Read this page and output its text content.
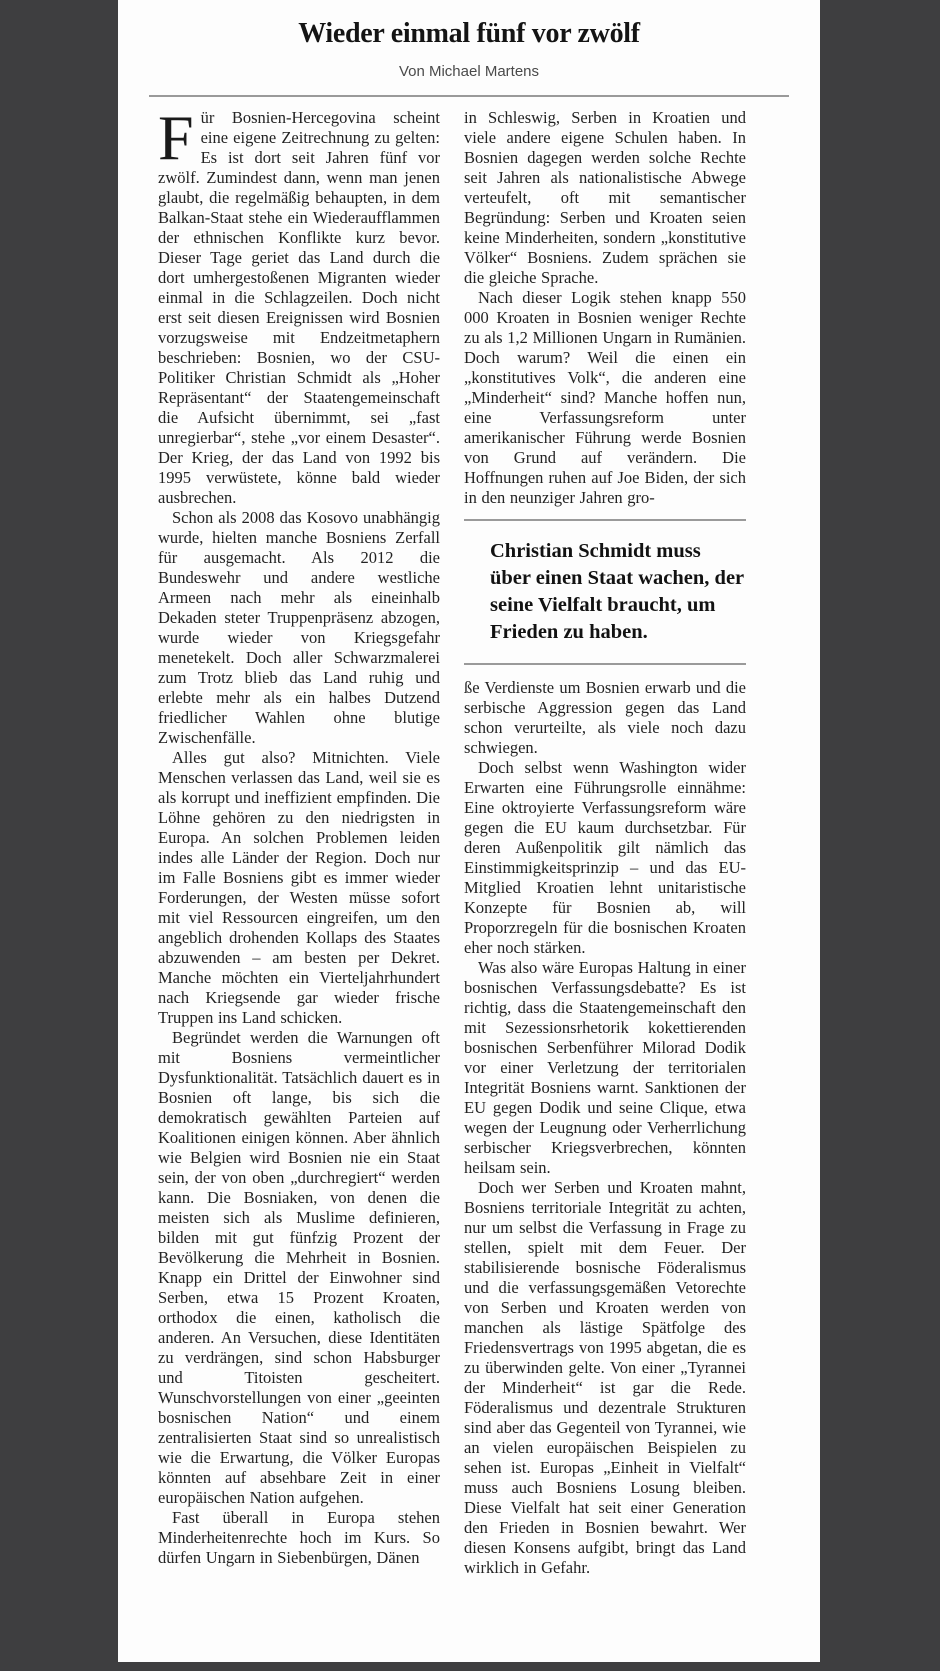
Wieder einmal fünf vor zwölf
Von Michael Martens

Für Bosnien-Hercegovina scheint eine eigene Zeitrechnung zu gelten: Es ist dort seit Jahren fünf vor zwölf. Zumindest dann, wenn man jenen glaubt, die regelmäßig behaupten, in dem Balkan-Staat stehe ein Wiederaufflammen der ethnischen Konflikte kurz bevor. Dieser Tage geriet das Land durch die dort umhergestoßenen Migranten wieder einmal in die Schlagzeilen. Doch nicht erst seit diesen Ereignissen wird Bosnien vorzugsweise mit Endzeitmetaphern beschrieben: Bosnien, wo der CSU-Politiker Christian Schmidt als „Hoher Repräsentant“ der Staatengemeinschaft die Aufsicht übernimmt, sei „fast unregierbar“, stehe „vor einem Desaster“. Der Krieg, der das Land von 1992 bis 1995 verwüstete, könne bald wieder ausbrechen.

Schon als 2008 das Kosovo unabhängig wurde, hielten manche Bosniens Zerfall für ausgemacht. Als 2012 die Bundeswehr und andere westliche Armeen nach mehr als eineinhalb Dekaden steter Truppenpräsenz abzogen, wurde wieder von Kriegsgefahr menetekelt. Doch aller Schwarzmalerei zum Trotz blieb das Land ruhig und erlebte mehr als ein halbes Dutzend friedlicher Wahlen ohne blutige Zwischenfälle.

Alles gut also? Mitnichten. Viele Menschen verlassen das Land, weil sie es als korrupt und ineffizient empfinden. Die Löhne gehören zu den niedrigsten in Europa. An solchen Problemen leiden indes alle Länder der Region. Doch nur im Falle Bosniens gibt es immer wieder Forderungen, der Westen müsse sofort mit viel Ressourcen eingreifen, um den angeblich drohenden Kollaps des Staates abzuwenden – am besten per Dekret. Manche möchten ein Vierteljahrhundert nach Kriegsende gar wieder frische Truppen ins Land schicken.

Begründet werden die Warnungen oft mit Bosniens vermeintlicher Dysfunktionalität. Tatsächlich dauert es in Bosnien oft lange, bis sich die demokratisch gewählten Parteien auf Koalitionen einigen können. Aber ähnlich wie Belgien wird Bosnien nie ein Staat sein, der von oben „durchregiert“ werden kann. Die Bosniaken, von denen die meisten sich als Muslime definieren, bilden mit gut fünfzig Prozent der Bevölkerung die Mehrheit in Bosnien. Knapp ein Drittel der Einwohner sind Serben, etwa 15 Prozent Kroaten, orthodox die einen, katholisch die anderen. An Versuchen, diese Identitäten zu verdrängen, sind schon Habsburger und Titoisten gescheitert. Wunschvorstellungen von einer „geeinten bosnischen Nation“ und einem zentralisierten Staat sind so unrealistisch wie die Erwartung, die Völker Europas könnten auf absehbare Zeit in einer europäischen Nation aufgehen.

Fast überall in Europa stehen Minderheitenrechte hoch im Kurs. So dürfen Ungarn in Siebenbürgen, Dänen

in Schleswig, Serben in Kroatien und viele andere eigene Schulen haben. In Bosnien dagegen werden solche Rechte seit Jahren als nationalistische Abwege verteufelt, oft mit semantischer Begründung: Serben und Kroaten seien keine Minderheiten, sondern „konstitutive Völker“ Bosniens. Zudem sprächen sie die gleiche Sprache.

Nach dieser Logik stehen knapp 550 000 Kroaten in Bosnien weniger Rechte zu als 1,2 Millionen Ungarn in Rumänien. Doch warum? Weil die einen ein „konstitutives Volk“, die anderen eine „Minderheit“ sind? Manche hoffen nun, eine Verfassungsreform unter amerikanischer Führung werde Bosnien von Grund auf verändern. Die Hoffnungen ruhen auf Joe Biden, der sich in den neunziger Jahren gro-

Christian Schmidt muss über einen Staat wachen, der seine Vielfalt braucht, um Frieden zu haben.

ße Verdienste um Bosnien erwarb und die serbische Aggression gegen das Land schon verurteilte, als viele noch dazu schwiegen.

Doch selbst wenn Washington wider Erwarten eine Führungsrolle einnähme: Eine oktroyierte Verfassungsreform wäre gegen die EU kaum durchsetzbar. Für deren Außenpolitik gilt nämlich das Einstimmigkeitsprinzip – und das EU-Mitglied Kroatien lehnt unitaristische Konzepte für Bosnien ab, will Proporzregeln für die bosnischen Kroaten eher noch stärken.

Was also wäre Europas Haltung in einer bosnischen Verfassungsdebatte? Es ist richtig, dass die Staatengemeinschaft den mit Sezessionsrhetorik kokettierenden bosnischen Serbenführer Milorad Dodik vor einer Verletzung der territorialen Integrität Bosniens warnt. Sanktionen der EU gegen Dodik und seine Clique, etwa wegen der Leugnung oder Verherrlichung serbischer Kriegsverbrechen, könnten heilsam sein.

Doch wer Serben und Kroaten mahnt, Bosniens territoriale Integrität zu achten, nur um selbst die Verfassung in Frage zu stellen, spielt mit dem Feuer. Der stabilisierende bosnische Föderalismus und die verfassungsgemäßen Vetorechte von Serben und Kroaten werden von manchen als lästige Spätfolge des Friedensvertrags von 1995 abgetan, die es zu überwinden gelte. Von einer „Tyrannei der Minderheit“ ist gar die Rede. Föderalismus und dezentrale Strukturen sind aber das Gegenteil von Tyrannei, wie an vielen europäischen Beispielen zu sehen ist. Europas „Einheit in Vielfalt“ muss auch Bosniens Losung bleiben. Diese Vielfalt hat seit einer Generation den Frieden in Bosnien bewahrt. Wer diesen Konsens aufgibt, bringt das Land wirklich in Gefahr.
